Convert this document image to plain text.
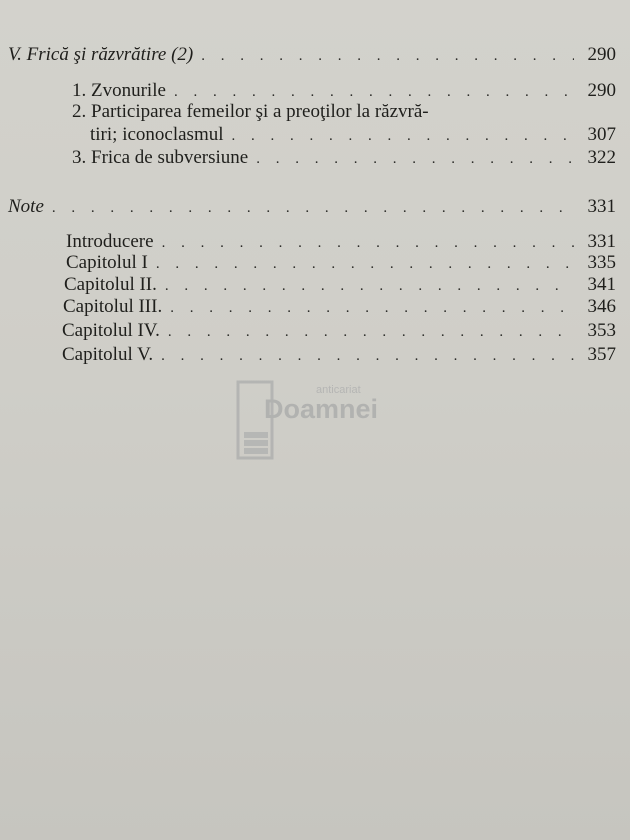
V. Frică şi răzvrătire (2) . . .	290
1. Zvonurile . . .	290
2. Participarea femeilor şi a preoţilor la răzvră-
tiri; iconoclasmul . . .	307
3. Frica de subversiune . . .	322
Note . . .	331
Introducere . . .	331
Capitolul I . . .	335
Capitolul II. . . .	341
Capitolul III. . . .	346
Capitolul IV. . . .	353
Capitolul V. . . .	357
anticariat
Doamnei
